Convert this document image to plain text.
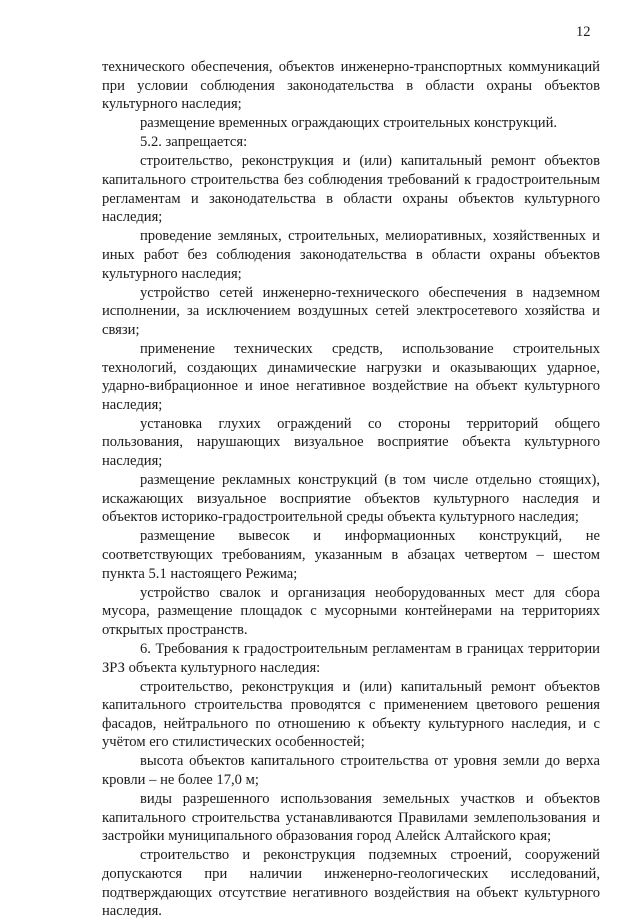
12

технического обеспечения, объектов инженерно-транспортных коммуникаций при условии соблюдения законодательства в области охраны объектов культурного наследия;

размещение временных ограждающих строительных конструкций.

5.2. запрещается:

строительство, реконструкция и (или) капитальный ремонт объектов капитального строительства без соблюдения требований к градостроительным регламентам и законодательства в области охраны объектов культурного наследия;

проведение земляных, строительных, мелиоративных, хозяйственных и иных работ без соблюдения законодательства в области охраны объектов культурного наследия;

устройство сетей инженерно-технического обеспечения в надземном исполнении, за исключением воздушных сетей электросетевого хозяйства и связи;

применение технических средств, использование строительных технологий, создающих динамические нагрузки и оказывающих ударное, ударно-вибрационное и иное негативное воздействие на объект культурного наследия;

установка глухих ограждений со стороны территорий общего пользования, нарушающих визуальное восприятие объекта культурного наследия;

размещение рекламных конструкций (в том числе отдельно стоящих), искажающих визуальное восприятие объектов культурного наследия и объектов историко-градостроительной среды объекта культурного наследия;

размещение вывесок и информационных конструкций, не соответствующих требованиям, указанным в абзацах четвертом – шестом пункта 5.1 настоящего Режима;

устройство свалок и организация необорудованных мест для сбора мусора, размещение площадок с мусорными контейнерами на территориях открытых пространств.

6. Требования к градостроительным регламентам в границах территории ЗРЗ объекта культурного наследия:

строительство, реконструкция и (или) капитальный ремонт объектов капитального строительства проводятся с применением цветового решения фасадов, нейтрального по отношению к объекту культурного наследия, и с учётом его стилистических особенностей;

высота объектов капитального строительства от уровня земли до верха кровли – не более 17,0 м;

виды разрешенного использования земельных участков и объектов капитального строительства устанавливаются Правилами землепользования и застройки муниципального образования город Алейск Алтайского края;

строительство и реконструкция подземных строений, сооружений допускаются при наличии инженерно-геологических исследований, подтверждающих отсутствие негативного воздействия на объект культурного наследия.
